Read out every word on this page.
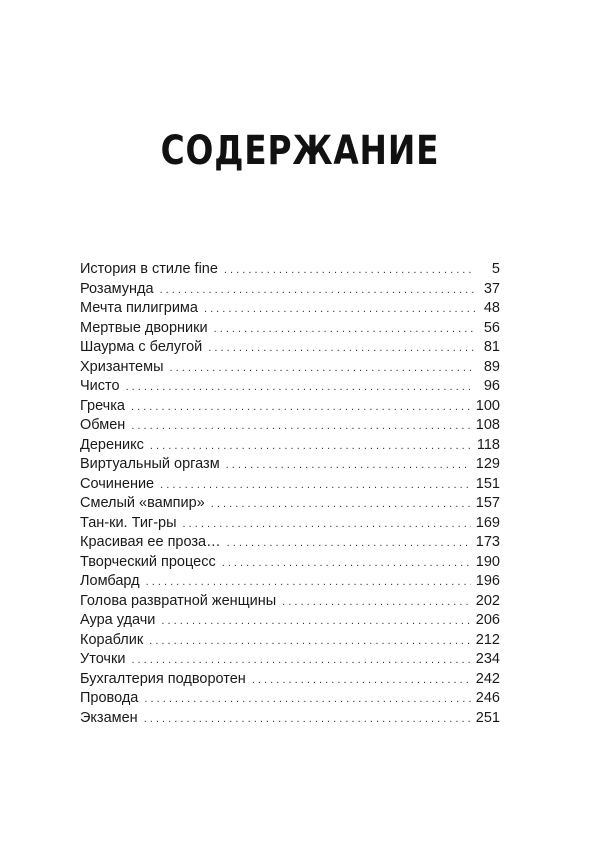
СОДЕРЖАНИЕ
История в стиле fine . . .	5
Розамунда . . .	37
Мечта пилигрима . . .	48
Мертвые дворники . . .	56
Шаурма с белугой . . .	81
Хризантемы . . .	89
Чисто . . .	96
Гречка . . .	100
Обмен . . .	108
Дереникс . . .	118
Виртуальный оргазм . . .	129
Сочинение . . .	151
Смелый «вампир» . . .	157
Тан-ки. Тиг-ры . . .	169
Красивая ее проза… . . .	173
Творческий процесс . . .	190
Ломбард . . .	196
Голова развратной женщины . . .	202
Аура удачи . . .	206
Кораблик . . .	212
Уточки . . .	234
Бухгалтерия подворотен . . .	242
Провода . . .	246
Экзамен . . .	251
